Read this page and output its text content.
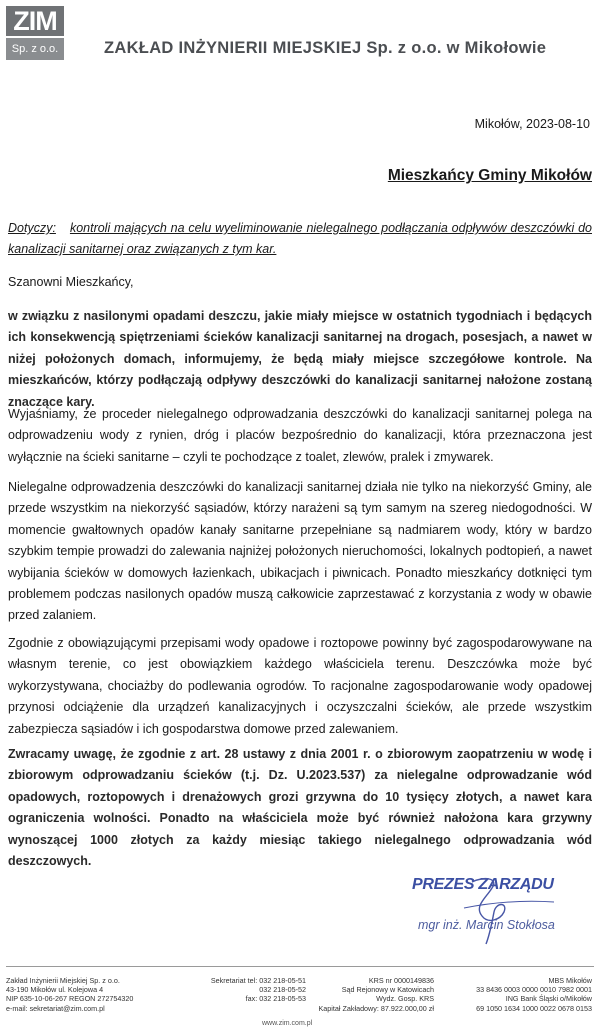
ZIM
Sp. z o.o.	ZAKŁAD INŻYNIERII MIEJSKIEJ Sp. z o.o. w Mikołowie
Mikołów, 2023-08-10
Mieszkańcy Gminy Mikołów
Dotyczy: kontroli mających na celu wyeliminowanie nielegalnego podłączania odpływów deszczówki do kanalizacji sanitarnej oraz związanych z tym kar.
Szanowni Mieszkańcy,
w związku z nasilonymi opadami deszczu, jakie miały miejsce w ostatnich tygodniach i będących ich konsekwencją spiętrzeniami ścieków kanalizacji sanitarnej na drogach, posesjach, a nawet w niżej położonych domach, informujemy, że będą miały miejsce szczegółowe kontrole. Na mieszkańców, którzy podłączają odpływy deszczówki do kanalizacji sanitarnej nałożone zostaną znaczące kary.
Wyjaśniamy, że proceder nielegalnego odprowadzania deszczówki do kanalizacji sanitarnej polega na odprowadzeniu wody z rynien, dróg i placów bezpośrednio do kanalizacji, która przeznaczona jest wyłącznie na ścieki sanitarne – czyli te pochodzące z toalet, zlewów, pralek i zmywarek.
Nielegalne odprowadzenia deszczówki do kanalizacji sanitarnej działa nie tylko na niekorzyść Gminy, ale przede wszystkim na niekorzyść sąsiadów, którzy narażeni są tym samym na szereg niedogodności. W momencie gwałtownych opadów kanały sanitarne przepełniane są nadmiarem wody, który w bardzo szybkim tempie prowadzi do zalewania najniżej położonych nieruchomości, lokalnych podtopień, a nawet wybijania ścieków w domowych łazienkach, ubikacjach i piwnicach. Ponadto mieszkańcy dotknięci tym problemem podczas nasilonych opadów muszą całkowicie zaprzestawać z korzystania z wody w obawie przed zalaniem.
Zgodnie z obowiązującymi przepisami wody opadowe i roztopowe powinny być zagospodarowywane na własnym terenie, co jest obowiązkiem każdego właściciela terenu. Deszczówka może być wykorzystywana, chociażby do podlewania ogrodów. To racjonalne zagospodarowanie wody opadowej przynosi odciążenie dla urządzeń kanalizacyjnych i oczyszczalni ścieków, ale przede wszystkim zabezpiecza sąsiadów i ich gospodarstwa domowe przed zalewaniem.
Zwracamy uwagę, że zgodnie z art. 28 ustawy z dnia 2001 r. o zbiorowym zaopatrzeniu w wodę i zbiorowym odprowadzaniu ścieków (t.j. Dz. U.2023.537) za nielegalne odprowadzanie wód opadowych, roztopowych i drenażowych grozi grzywna do 10 tysięcy złotych, a nawet kara ograniczenia wolności. Ponadto na właściciela może być również nałożona kara grzywny wynoszącej 1000 złotych za każdy miesiąc takiego nielegalnego odprowadzania wód deszczowych.
PREZES ZARZĄDU
mgr inż. Marcin Stokłosa
Zakład Inżynierii Miejskiej Sp. z o.o.
43-190 Mikołów ul. Kolejowa 4
NIP 635-10-06-267 REGON 272754320
e-mail: sekretariat@zim.com.pl
Sekretariat tel: 032 218-05-51
032 218-05-52
fax: 032 218-05-53
KRS nr 0000149836
Sąd Rejonowy w Katowicach
Wydz. Gosp. KRS
Kapitał Zakładowy: 87.922.000,00 zł
MBS Mikołów
33 8436 0003 0000 0010 7982 0001
ING Bank Śląski o/Mikołów
69 1050 1634 1000 0022 0678 0153
www.zim.com.pl
